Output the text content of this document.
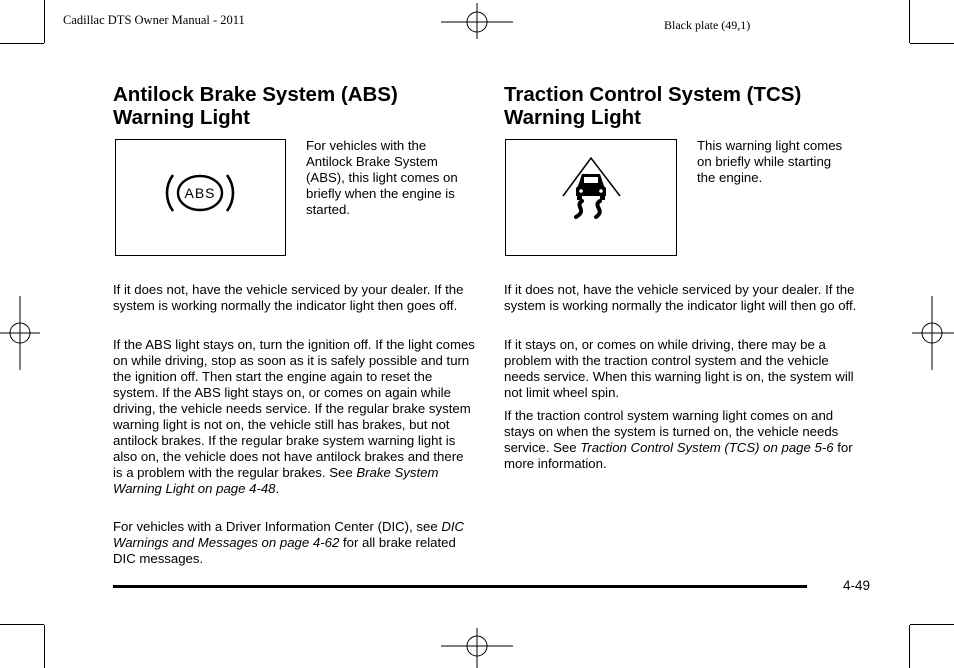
Cadillac DTS Owner Manual - 2011	Black plate (49,1)
Antilock Brake System (ABS)
Warning Light
ABS
For vehicles with the
Antilock Brake System
(ABS), this light comes on
briefly when the engine is
started.

If it does not, have the vehicle serviced by your dealer. If the system is working normally the indicator light then goes off.

If the ABS light stays on, turn the ignition off. If the light comes on while driving, stop as soon as it is safely possible and turn the ignition off. Then start the engine again to reset the system. If the ABS light stays on, or comes on again while driving, the vehicle needs service. If the regular brake system warning light is not on, the vehicle still has brakes, but not antilock brakes. If the regular brake system warning light is also on, the vehicle does not have antilock brakes and there is a problem with the regular brakes. See Brake System Warning Light on page 4-48.

For vehicles with a Driver Information Center (DIC), see DIC Warnings and Messages on page 4-62 for all brake related DIC messages.

Traction Control System (TCS)
Warning Light
This warning light comes
on briefly while starting
the engine.

If it does not, have the vehicle serviced by your dealer. If the system is working normally the indicator light will then go off.

If it stays on, or comes on while driving, there may be a problem with the traction control system and the vehicle needs service. When this warning light is on, the system will not limit wheel spin.

If the traction control system warning light comes on and stays on when the system is turned on, the vehicle needs service. See Traction Control System (TCS) on page 5-6 for more information.

4-49
